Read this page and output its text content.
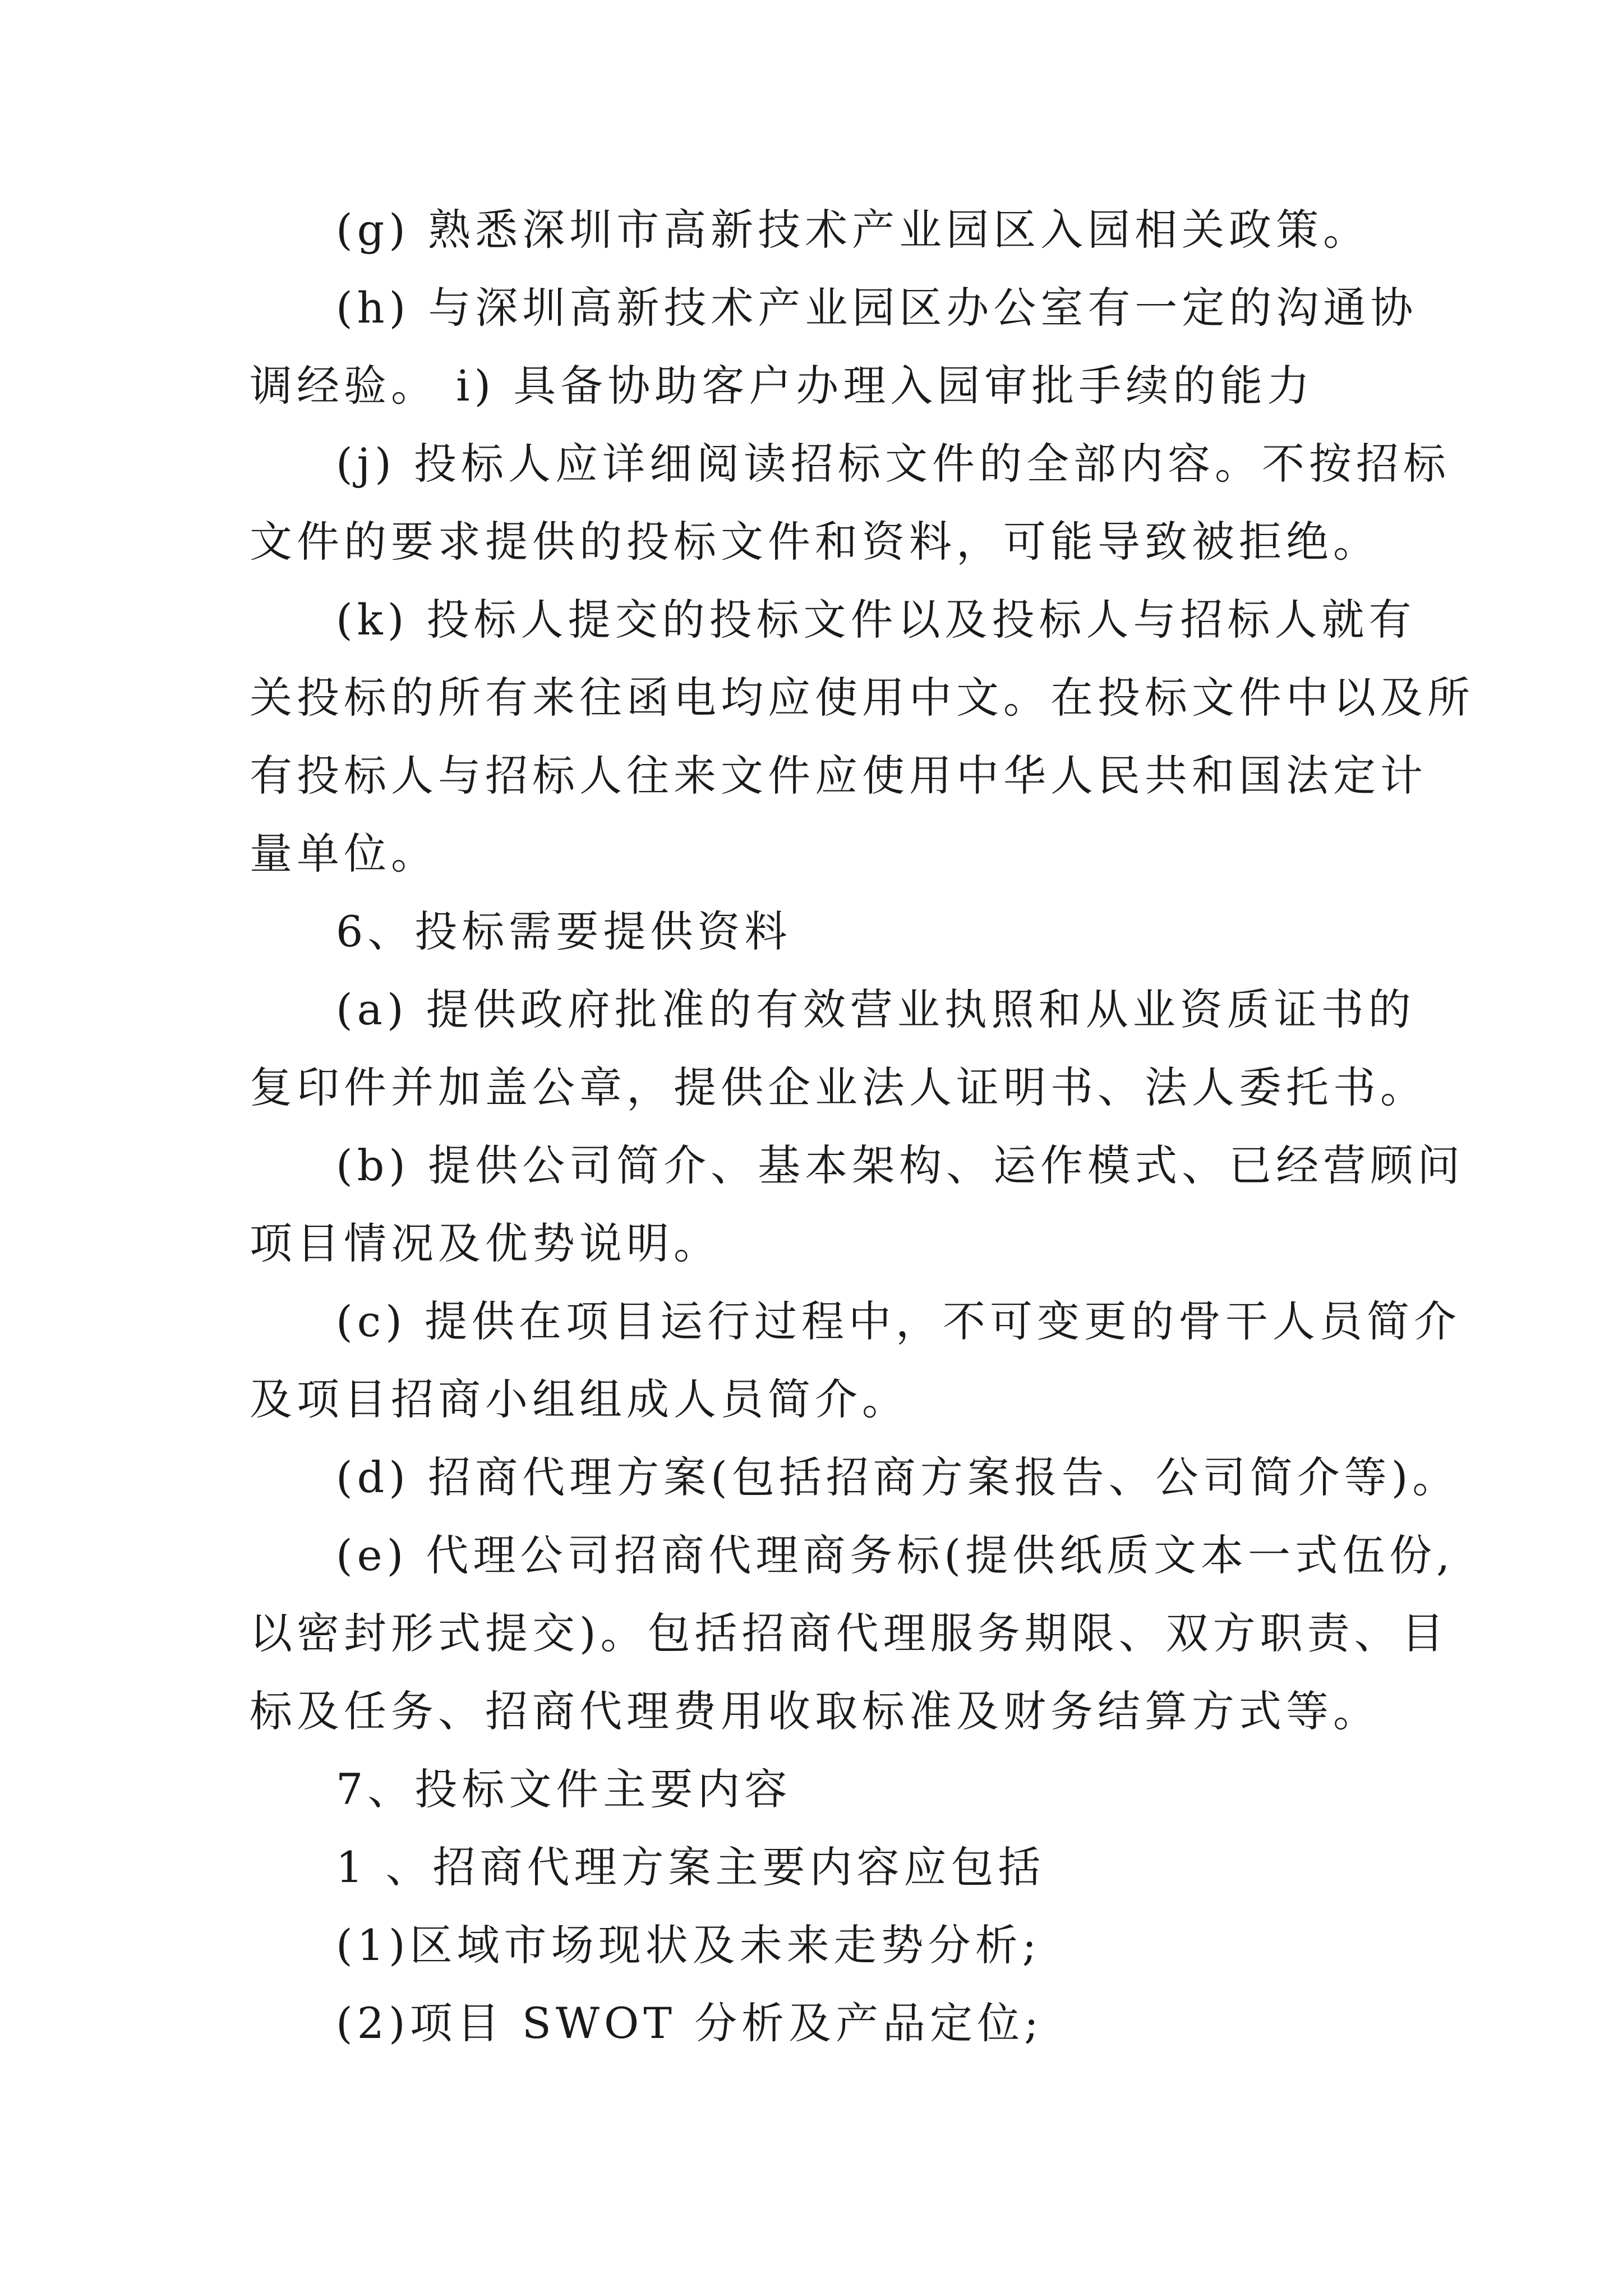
(g) 熟悉深圳市高新技术产业园区入园相关政策。
(h) 与深圳高新技术产业园区办公室有一定的沟通协
调经验。 i) 具备协助客户办理入园审批手续的能力
(j) 投标人应详细阅读招标文件的全部内容。不按招标
文件的要求提供的投标文件和资料，可能导致被拒绝。
(k) 投标人提交的投标文件以及投标人与招标人就有
关投标的所有来往函电均应使用中文。在投标文件中以及所
有投标人与招标人往来文件应使用中华人民共和国法定计
量单位。
6、投标需要提供资料
(a) 提供政府批准的有效营业执照和从业资质证书的
复印件并加盖公章，提供企业法人证明书、法人委托书。
(b) 提供公司简介、基本架构、运作模式、已经营顾问
项目情况及优势说明。
(c) 提供在项目运行过程中，不可变更的骨干人员简介
及项目招商小组组成人员简介。
(d) 招商代理方案(包括招商方案报告、公司简介等)。
(e) 代理公司招商代理商务标(提供纸质文本一式伍份,
以密封形式提交)。包括招商代理服务期限、双方职责、目
标及任务、招商代理费用收取标准及财务结算方式等。
7、投标文件主要内容
1 、招商代理方案主要内容应包括
(1)区域市场现状及未来走势分析;
(2)项目 SWOT 分析及产品定位;
